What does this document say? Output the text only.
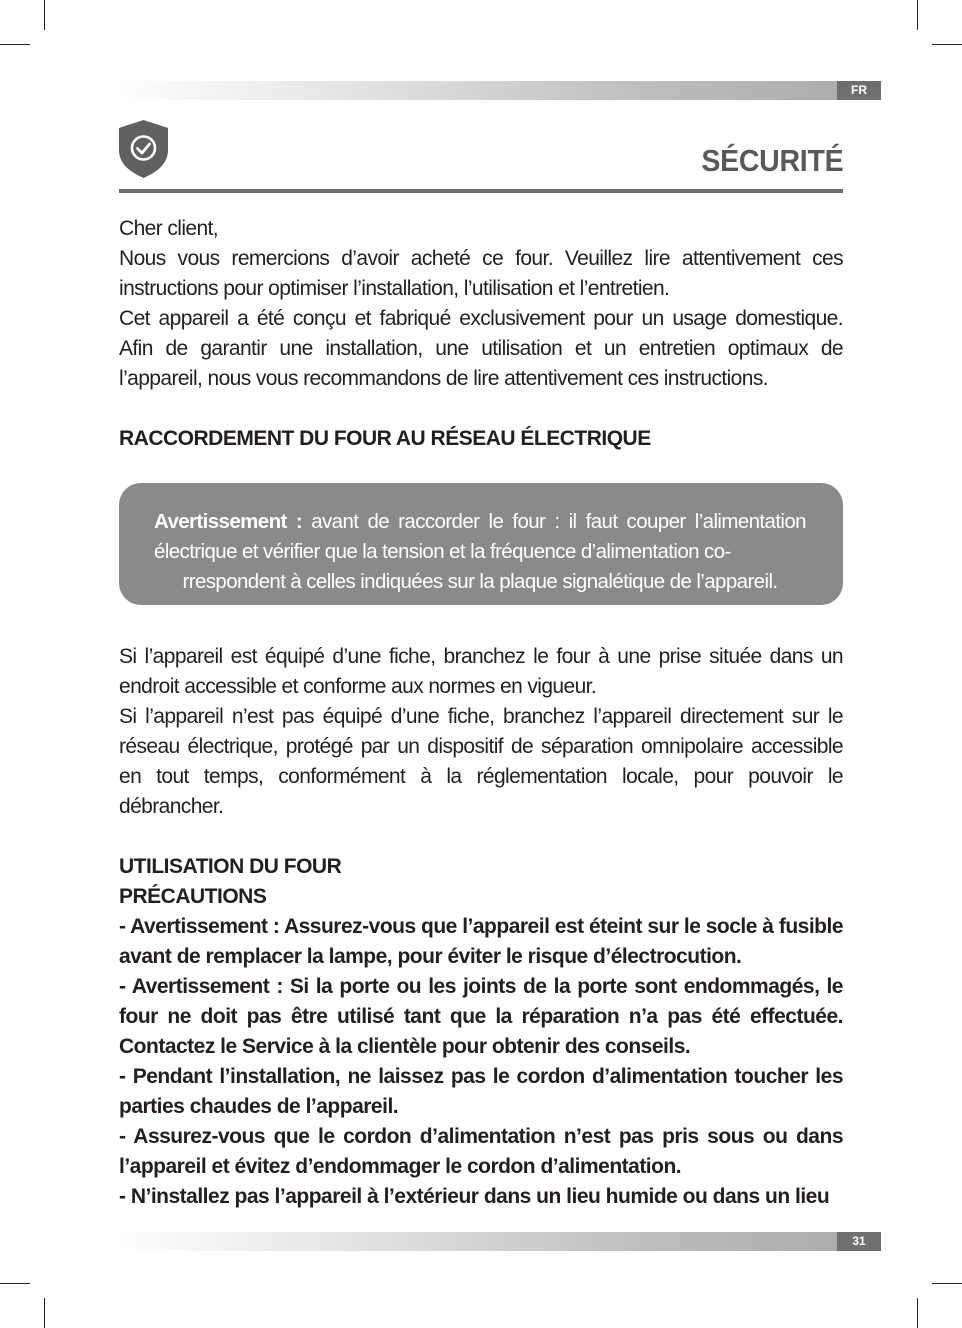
FR
SÉCURITÉ

Cher client,

Nous vous remercions d’avoir acheté ce four. Veuillez lire attentivement ces instructions pour optimiser l’installation, l’utilisation et l’entretien.

Cet appareil a été conçu et fabriqué exclusivement pour un usage domestique. Afin de garantir une installation, une utilisation et un entretien optimaux de l’appareil, nous vous recommandons de lire attentivement ces instructions.

RACCORDEMENT DU FOUR AU RÉSEAU ÉLECTRIQUE

Avertissement : avant de raccorder le four : il faut couper l’alimentation électrique et vérifier que la tension et la fréquence d’alimentation co-
rrespondent à celles indiquées sur la plaque signalétique de l’appareil.

Si l’appareil est équipé d’une fiche, branchez le four à une prise située dans un endroit accessible et conforme aux normes en vigueur.

Si l’appareil n’est pas équipé d’une fiche, branchez l’appareil directement sur le réseau électrique, protégé par un dispositif de séparation omnipolaire accessible en tout temps, conformément à la réglementation locale, pour pouvoir le débrancher.

UTILISATION DU FOUR

PRÉCAUTIONS

- Avertissement : Assurez-vous que l’appareil est éteint sur le socle à fusible avant de remplacer la lampe, pour éviter le risque d’électrocution.

- Avertissement : Si la porte ou les joints de la porte sont endommagés, le four ne doit pas être utilisé tant que la réparation n’a pas été effectuée. Contactez le Service à la clientèle pour obtenir des conseils.

- Pendant l’installation, ne laissez pas le cordon d’alimentation toucher les parties chaudes de l’appareil.

- Assurez-vous que le cordon d’alimentation n’est pas pris sous ou dans l’appareil et évitez d’endommager le cordon d’alimentation.

- N’installez pas l’appareil à l’extérieur dans un lieu humide ou dans un lieu

31
